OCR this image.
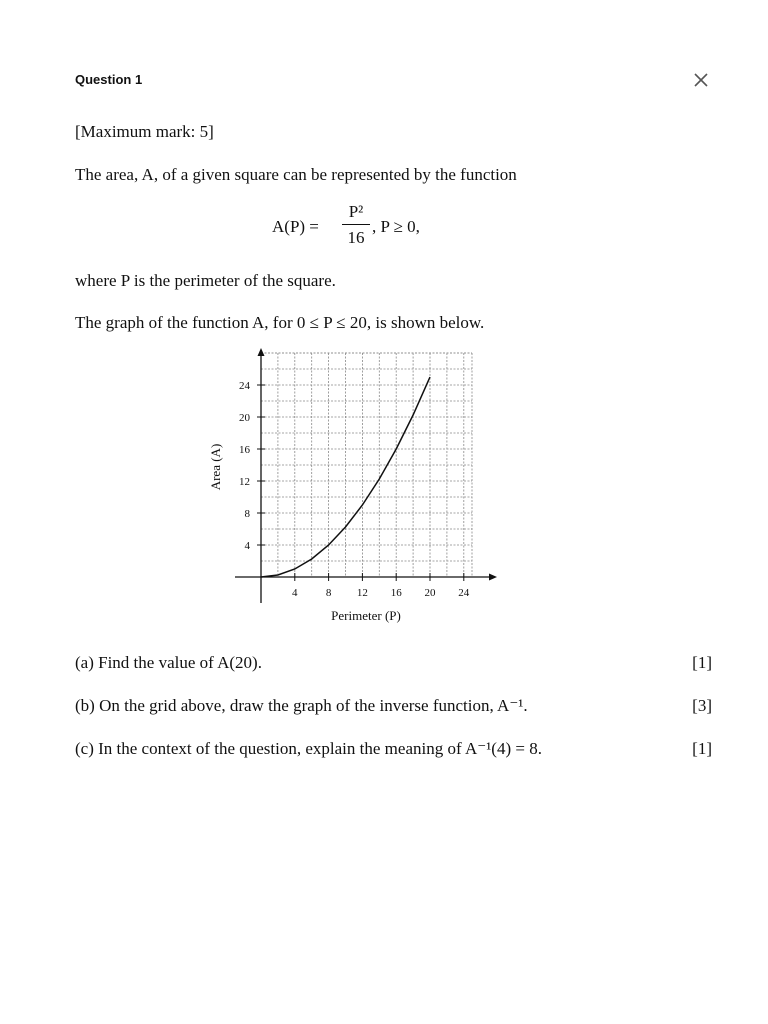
Question 1
[Maximum mark: 5]
The area, A, of a given square can be represented by the function
A(P) =
P²
16
, P ≥ 0,
where P is the perimeter of the square.
The graph of the function A, for 0 ≤ P ≤ 20, is shown below.
4	8 12 16 20 24
4
8
12
16
20
24
Perimeter (P)
Area (A)
(a) Find the value of A(20).	[1]
(b) On the grid above, draw the graph of the inverse function, A⁻¹.	[3]
(c) In the context of the question, explain the meaning of A⁻¹(4) = 8.	[1]
